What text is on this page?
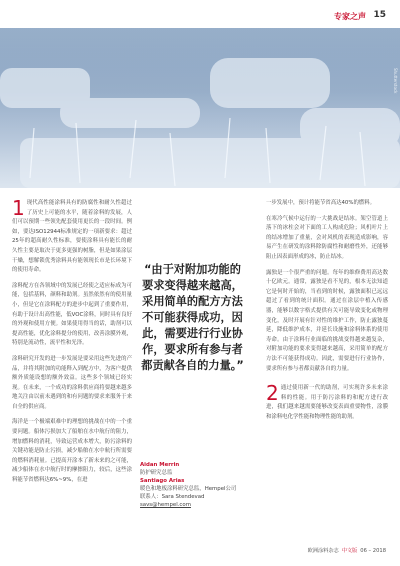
专家之声 15
Shutterstock

1 现代高性能涂料具有的防腐性和耐久性超过了历史上可能的水平，随着涂料的发展，人们可以预期一些领先配套使用更长的一段时间。例如，要达ISO12944标准规定的一项新要求：超过25年的超高耐久性标准，要使涂料具有能长的耐久性主要是取决于更多更强的树脂，但是如果涂层干燥，想解锁优秀涂料具有能领现长市是长环境下的使用寿命。

涂料配方在各领域中的发展已经使之适应标成为可能，包括基料，颜料和助剂。虽然依然有的使用量小，但是它在涂料配方的进步中起到了重要作用，有助于设计出高性能，低VOC涂料，同时具有良好的外观和使用方便。如果使用得当的话，助剂可以提高性能，优化涂料提分的使用，改善涂膜外观，特别是流动性，流平性和光泽。

涂料研究开发的进一步发展是要采用这些先进的产品，并将其附加的功能释入到配方中，为客户提供额外质能设想的额外效益。这些多个领域已经实现。在未来，一个成功的涂料供应商将要越来越多地关注由以前未遇到的和有问题的要求来服务于来自全的供应商。

海洋是一个极端艰难中的理想的挑战在中的一个重要问题。船体污损加大了船舶在水中航行的阻力，增加燃料的消耗，导致运营成本增大，防污涂料的关键功能是防止污损，减少船舶在水中航行所需要的燃料消耗量。已提高开涂本了新未来的之可能，减少船体在水中航行时的摩擦阻力，较后，这些涂料能节省燃料达6%~9%，在进

“由于对附加功能的要求变得越来越高，采用简单的配方方法不可能获得成功，因此，需要进行行业协作，要求所有参与者都贡献各自的力量。”
Aidan Merrin
防护研究总监
Santiago Arias
暖色和地板涂料研究总监，Hempel公司
联系人：Sara Stendevad
savs@hempel.com

一步发展中，预计将能节省高达40%的燃料。

在寒冷气候中运行的一大挑战是结冰。架空管道上落下的冰柱会对下面的工人构成危险；风机叶片上的结冰增加了重量，会对风机的表现造成影响，容易产生在研发的涂料除防腐性和耐磨性外，还能够阻止因表面形成的冰，防止结冰。

露独是一个很严重的问题。每年的维修费用高达数十亿欧元。通常，露独是看不见的，根本无法知道它是何时开始的，当看到的时候，露独面积已远远超过了看到的统计面积。通过在涂层中植入传感器，能够以数字格式提供有关可能导致变化或物理变化，及时开展有针对性的维护工作，防止露独蔓延，降低维护成本，并延长设施和涂料体系的使用寿命。由于涂料行业面临的挑战变得越来越复杂，对附加功能的要求变得越来越高，采用简单的配方方法不可能获得成功。因此，需要进行行业协作，要求所有参与者都贡献各自的力量。

2 通过使用新一代的助剂，可实现许多未来涂料的性能。用于防污涂料的和配方进行改进，我们越来越需要能够改变表面重要物性，涂膜和涂料电化学性能和物理性能的助剂。

欧洲涂料杂志 中文版 06 – 2018
